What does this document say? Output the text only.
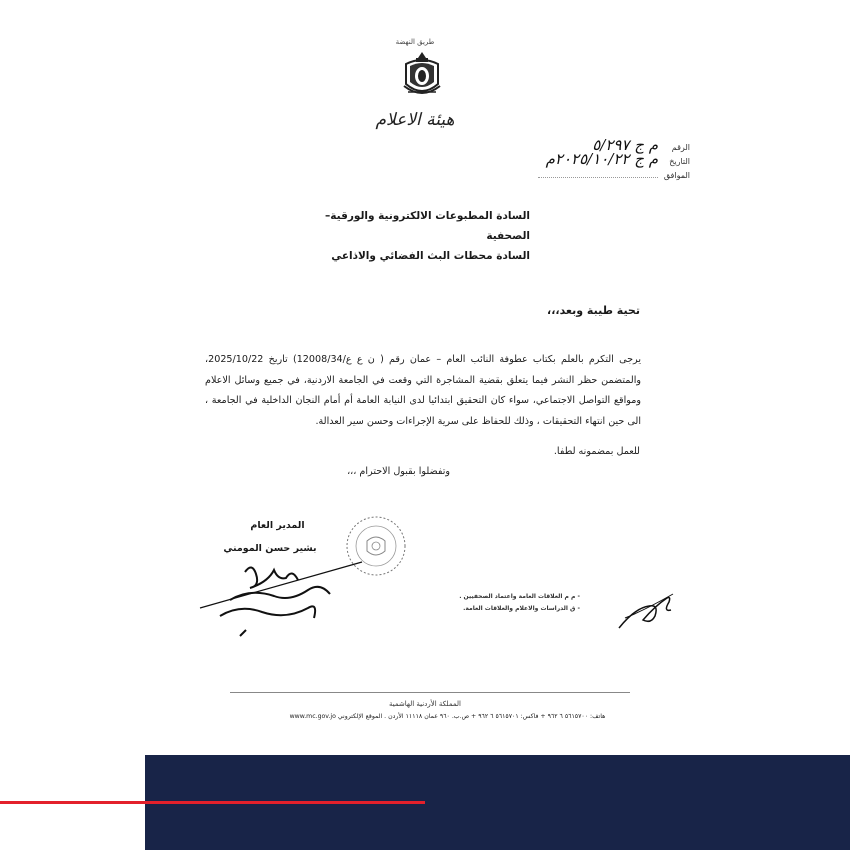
ﻃﺮﻳﻖ ﺍﻟﻨﻬﻀﺔ
هيئة الاعلام
الرقم
م ج ٥/٢٩٧
التاريخ
م ج ٢٠٢٥/١٠/٢٢م
الموافق
السادة المطبوعات الالكترونية والورقية– الصحفية
السادة محطات البث الفضائي والاذاعي
تحية طيبة وبعد،،،
يرجى التكرم بالعلم بكتاب عطوفة النائب العام – عمان رقم ( ن ع ع/12008/34) تاريخ 2025/10/22، والمتضمن حظر النشر فيما يتعلق بقضية المشاجرة التي وقعت في الجامعة الاردنية، في جميع وسائل الاعلام ومواقع التواصل الاجتماعي، سواء كان التحقيق ابتدائيا لدى النيابة العامة أم أمام النجان الداخلية في الجامعة ، الى حين انتهاء التحقيقات ، وذلك للحفاظ على سرية الإجراءات وحسن سير العدالة.
للعمل بمضمونه لطفا.
وتفضلوا بقبول الاحترام ،،،
المدير العام
بشير حسن المومني
- م م العلاقات العامة واعتماد الصحفيين .
- ق الدراسات والاعلام والعلاقات العامة.
المملكة الأردنية الهاشمية
هاتف: ٥٦١٥٧٠٠ ٦ ٩٦٢ + فاكس: ٥٦١٥٧٠١ ٦ ٩٦٢ + ص.ب. ٩٦٠ عمان ١١١١٨ الأردن . الموقع الإلكتروني www.mc.gov.jo
